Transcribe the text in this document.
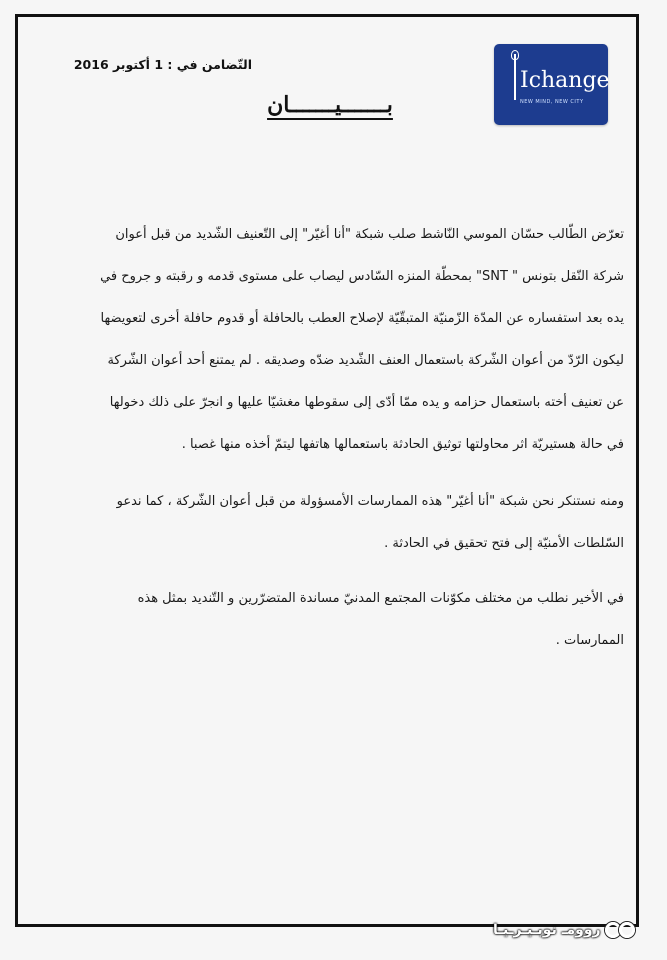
Ichange
NEW MIND, NEW CITY
التّضامن في : 1 أكتوبر 2016
بـــــــيـــــــان
تعرّض الطّالب حسّان الموسي النّاشط صلب شبكة "أنا أغيّر" إلى التّعنيف الشّديد من قبل أعوان
شركة النّقل بتونس " SNT" بمحطّة المنزه السّادس ليصاب على مستوى قدمه و رقبته و جروح في
يده بعد استفساره عن المدّة الزّمنيّة المتبقّيّة لإصلاح العطب بالحافلة أو قدوم حافلة أخرى لتعويضها
ليكون الرّدّ من أعوان الشّركة باستعمال العنف الشّديد ضدّه وصديقه . لم يمتنع أحد أعوان الشّركة
عن تعنيف أخته باستعمال حزامه و يده ممّا أدّى إلى سقوطها مغشيّا عليها و انجرّ على ذلك دخولها
في حالة هستيريّة اثر محاولتها توثيق الحادثة باستعمالها هاتفها ليتمّ أخذه منها غصبا .
ومنه نستنكر نحن شبكة "أنا أغيّر" هذه الممارسات الأمسؤولة من قبل أعوان الشّركة ، كما ندعو
السّلطات الأمنيّة إلى فتح تحقيق في الحادثة .
في الأخير نطلب من مختلف مكوّنات المجتمع المدنيّ مساندة المتضرّرين و التّنديد بمثل هذه
الممارسات .
روومـ نوبـيـرـيـا
